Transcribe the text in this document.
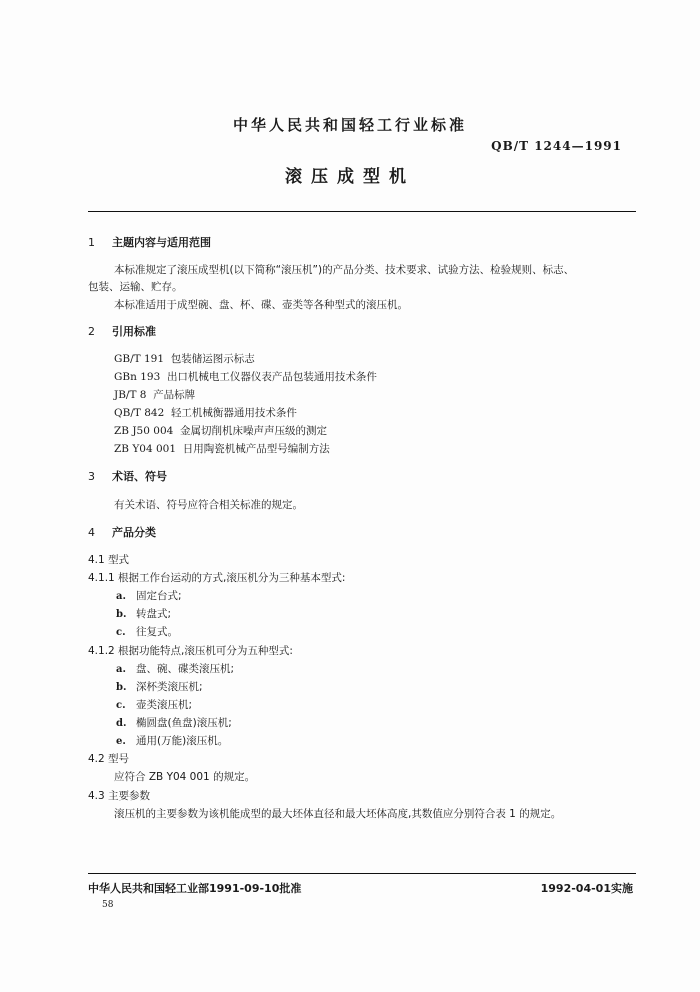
中华人民共和国轻工行业标准
QB/T 1244—1991
滚压成型机
1 主题内容与适用范围
本标准规定了滚压成型机(以下简称“滚压机”)的产品分类、技术要求、试验方法、检验规则、标志、
包装、运输、贮存。
本标准适用于成型碗、盘、杯、碟、壶类等各种型式的滚压机。
2 引用标准
GB/T 191 包装储运图示标志
GBn 193 出口机械电工仪器仪表产品包装通用技术条件
JB/T 8 产品标牌
QB/T 842 轻工机械衡器通用技术条件
ZB J50 004 金属切削机床噪声声压级的测定
ZB Y04 001 日用陶瓷机械产品型号编制方法
3 术语、符号
有关术语、符号应符合相关标准的规定。
4 产品分类
4.1 型式
4.1.1 根据工作台运动的方式,滚压机分为三种基本型式:
a. 固定台式;
b. 转盘式;
c. 往复式。
4.1.2 根据功能特点,滚压机可分为五种型式:
a. 盘、碗、碟类滚压机;
b. 深杯类滚压机;
c. 壶类滚压机;
d. 椭圆盘(鱼盘)滚压机;
e. 通用(万能)滚压机。
4.2 型号
应符合 ZB Y04 001 的规定。
4.3 主要参数
滚压机的主要参数为该机能成型的最大坯体直径和最大坯体高度,其数值应分别符合表 1 的规定。
中华人民共和国轻工业部1991-09-10批准	1992-04-01实施
58
